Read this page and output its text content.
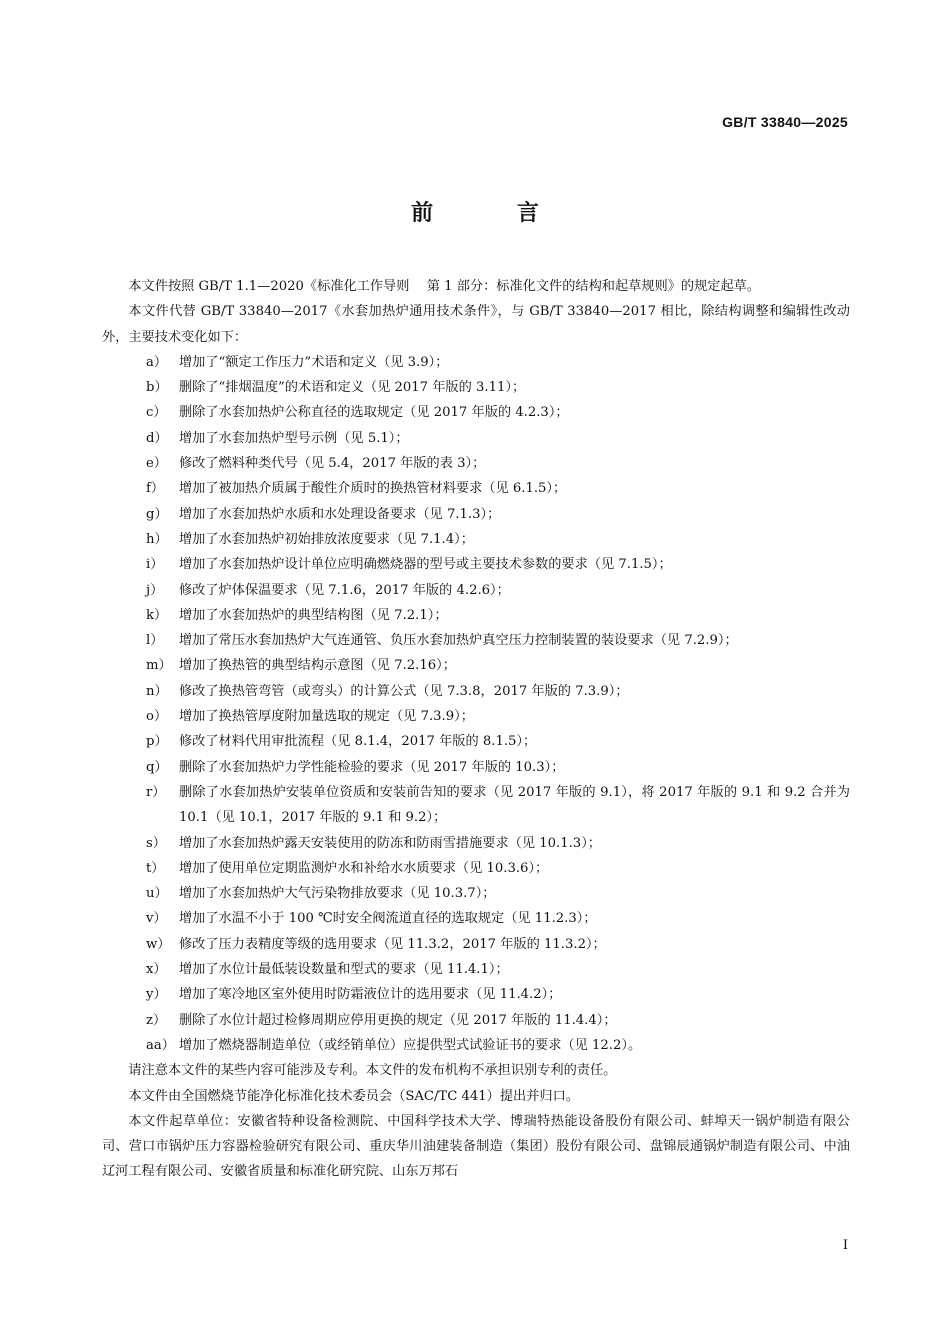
GB/T 33840—2025
前 言
本文件按照 GB/T 1.1—2020《标准化工作导则　 第 1 部分：标准化文件的结构和起草规则》的规定起草。
本文件代替 GB/T 33840—2017《水套加热炉通用技术条件》，与 GB/T 33840—2017 相比，除结构调整和编辑性改动外，主要技术变化如下：
a） 增加了“额定工作压力”术语和定义（见 3.9）；
b） 删除了“排烟温度”的术语和定义（见 2017 年版的 3.11）；
c） 删除了水套加热炉公称直径的选取规定（见 2017 年版的 4.2.3）；
d） 增加了水套加热炉型号示例（见 5.1）；
e） 修改了燃料种类代号（见 5.4，2017 年版的表 3）；
f）	增加了被加热介质属于酸性介质时的换热管材料要求（见 6.1.5）；
g） 增加了水套加热炉水质和水处理设备要求（见 7.1.3）；
h） 增加了水套加热炉初始排放浓度要求（见 7.1.4）；
i）	增加了水套加热炉设计单位应明确燃烧器的型号或主要技术参数的要求（见 7.1.5）；
j）	修改了炉体保温要求（见 7.1.6，2017 年版的 4.2.6）；
k） 增加了水套加热炉的典型结构图（见 7.2.1）；
l）	增加了常压水套加热炉大气连通管、负压水套加热炉真空压力控制装置的装设要求（见 7.2.9）；
m） 增加了换热管的典型结构示意图（见 7.2.16）；
n） 修改了换热管弯管（或弯头）的计算公式（见 7.3.8，2017 年版的 7.3.9）；
o） 增加了换热管厚度附加量选取的规定（见 7.3.9）；
p） 修改了材料代用审批流程（见 8.1.4，2017 年版的 8.1.5）；
q） 删除了水套加热炉力学性能检验的要求（见 2017 年版的 10.3）；
r）	删除了水套加热炉安装单位资质和安装前告知的要求（见 2017 年版的 9.1），将 2017 年版的 9.1 和 9.2 合并为 10.1（见 10.1，2017 年版的 9.1 和 9.2）；
s） 增加了水套加热炉露天安装使用的防冻和防雨雪措施要求（见 10.1.3）；
t）	增加了使用单位定期监测炉水和补给水水质要求（见 10.3.6）；
u） 增加了水套加热炉大气污染物排放要求（见 10.3.7）；
v） 增加了水温不小于 100 ℃时安全阀流道直径的选取规定（见 11.2.3）；
w） 修改了压力表精度等级的选用要求（见 11.3.2，2017 年版的 11.3.2）；
x） 增加了水位计最低装设数量和型式的要求（见 11.4.1）；
y） 增加了寒冷地区室外使用时防霜液位计的选用要求（见 11.4.2）；
z） 删除了水位计超过检修周期应停用更换的规定（见 2017 年版的 11.4.4）；
aa） 增加了燃烧器制造单位（或经销单位）应提供型式试验证书的要求（见 12.2）。
请注意本文件的某些内容可能涉及专利。本文件的发布机构不承担识别专利的责任。
本文件由全国燃烧节能净化标准化技术委员会（SAC/TC 441）提出并归口。
本文件起草单位：安徽省特种设备检测院、中国科学技术大学、博瑞特热能设备股份有限公司、蚌埠天一锅炉制造有限公司、营口市锅炉压力容器检验研究有限公司、重庆华川油建装备制造（集团）股份有限公司、盘锦辰通锅炉制造有限公司、中油辽河工程有限公司、安徽省质量和标准化研究院、山东万邦石
Ⅰ
